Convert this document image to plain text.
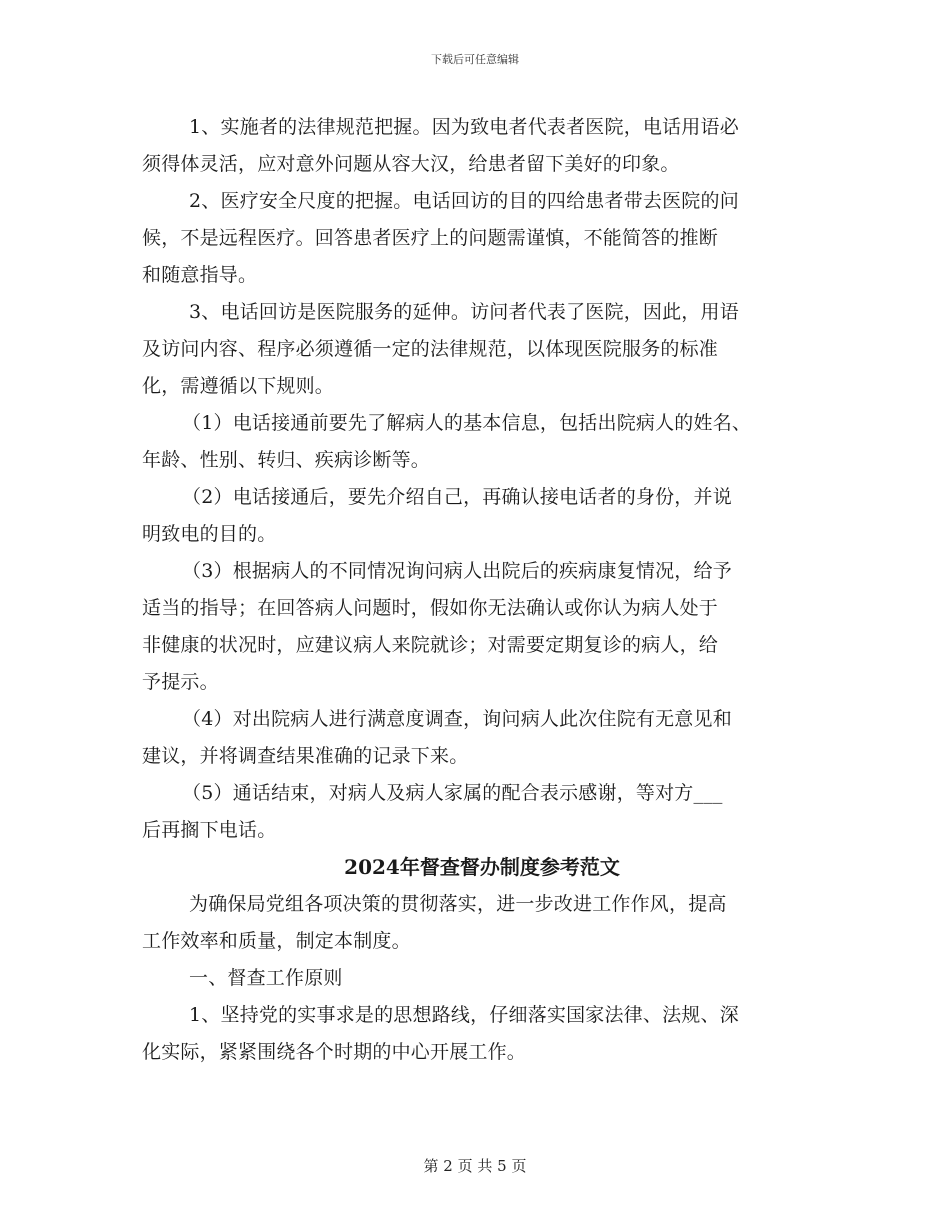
下载后可任意编辑
1、实施者的法律规范把握。因为致电者代表者医院，电话用语必
须得体灵活，应对意外问题从容大汉，给患者留下美好的印象。
2、医疗安全尺度的把握。电话回访的目的四给患者带去医院的问
候，不是远程医疗。回答患者医疗上的问题需谨慎，不能简答的推断
和随意指导。
3、电话回访是医院服务的延伸。访问者代表了医院，因此，用语
及访问内容、程序必须遵循一定的法律规范，以体现医院服务的标准
化，需遵循以下规则。
（1）电话接通前要先了解病人的基本信息，包括出院病人的姓名、
年龄、性别、转归、疾病诊断等。
（2）电话接通后，要先介绍自己，再确认接电话者的身份，并说
明致电的目的。
（3）根据病人的不同情况询问病人出院后的疾病康复情况，给予
适当的指导；在回答病人问题时，假如你无法确认或你认为病人处于
非健康的状况时，应建议病人来院就诊；对需要定期复诊的病人，给
予提示。
（4）对出院病人进行满意度调查，询问病人此次住院有无意见和
建议，并将调查结果准确的记录下来。
（5）通话结束，对病人及病人家属的配合表示感谢，等对方___
后再搁下电话。
2024年督查督办制度参考范文
为确保局党组各项决策的贯彻落实，进一步改进工作作风，提高
工作效率和质量，制定本制度。
一、督查工作原则
1、坚持党的实事求是的思想路线，仔细落实国家法律、法规、深
化实际，紧紧围绕各个时期的中心开展工作。
第 2 页 共 5 页
